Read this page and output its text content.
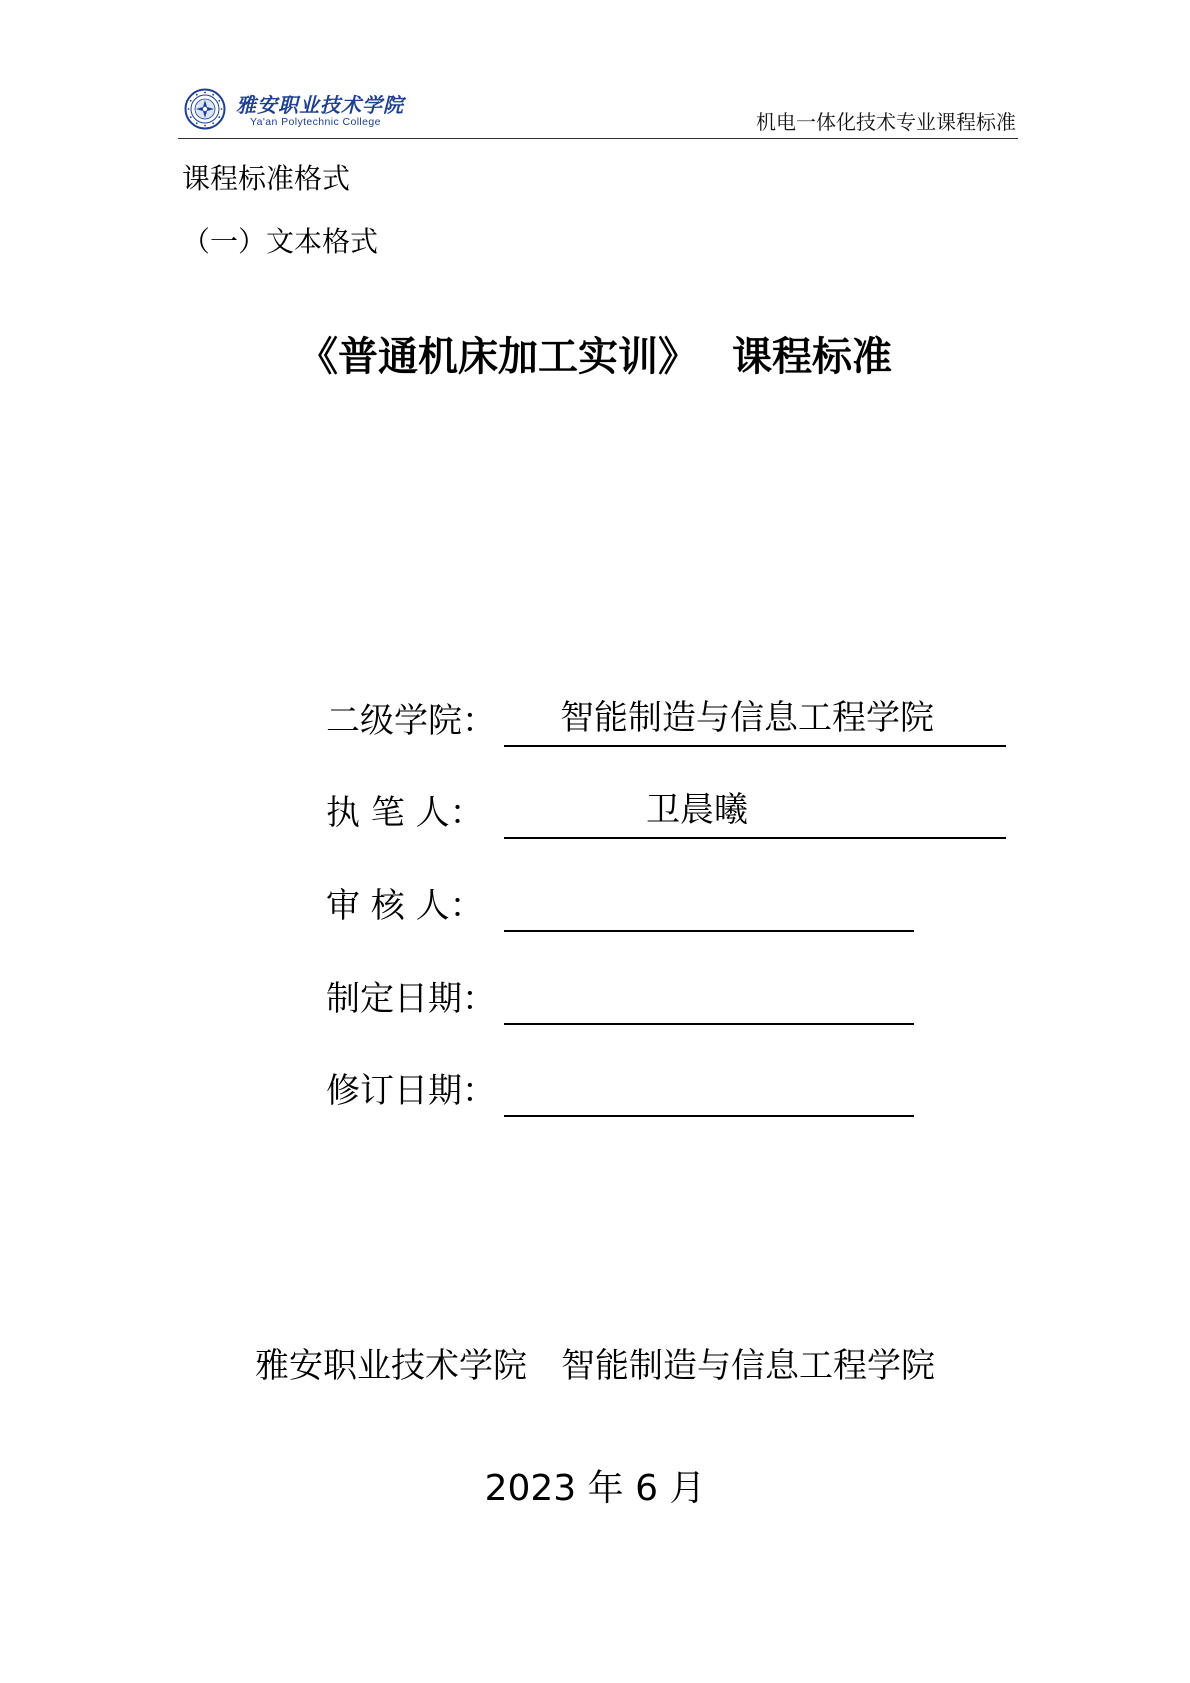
雅安职业技术学院
Ya'an Polytechnic College	机电一体化技术专业课程标准
课程标准格式
（一）文本格式
《普通机床加工实训》 课程标准
二级学院： 智能制造与信息工程学院
执 笔 人：	卫晨曦
审 核 人：
制定日期：
修订日期：
雅安职业技术学院 智能制造与信息工程学院
2023 年 6 月
